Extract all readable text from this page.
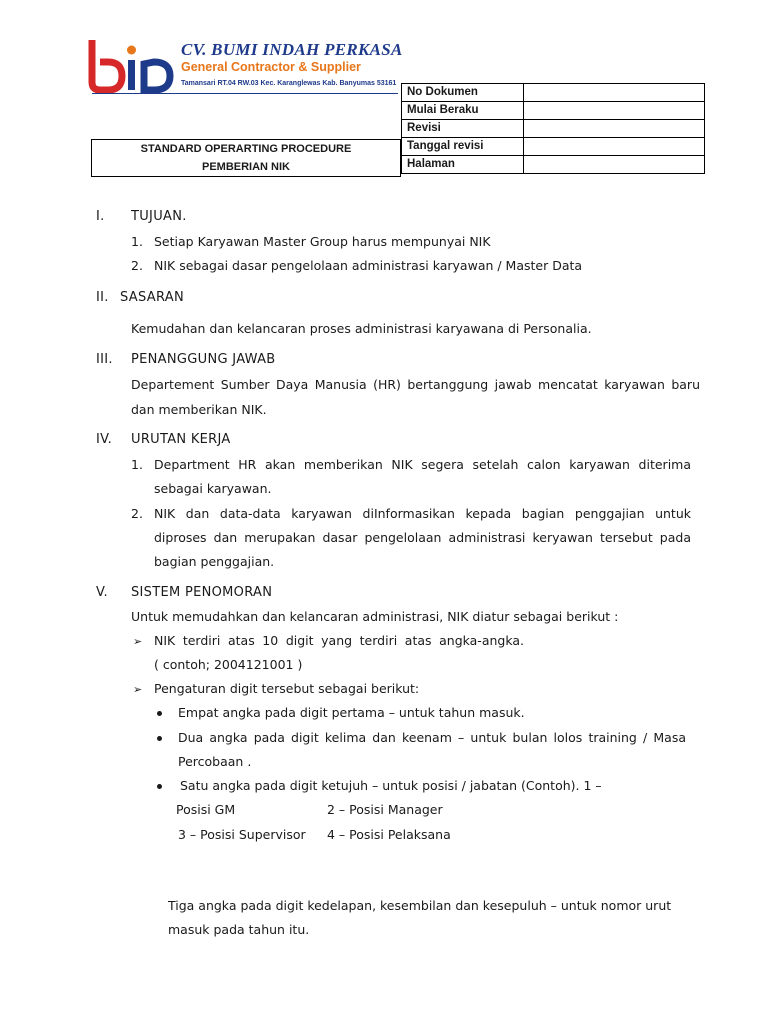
CV. BUMI INDAH PERKASA
General Contractor & Supplier
Tamansari RT.04 RW.03 Kec. Karanglewas Kab. Banyumas 53161
No Dokumen	
Mulai Beraku	
Revisi	
Tanggal revisi	
Halaman	
STANDARD OPERARTING PROCEDURE
PEMBERIAN NIK
I. TUJUAN.
1. Setiap Karyawan Master Group harus mempunyai NIK
2. NIK sebagai dasar pengelolaan administrasi karyawan / Master Data
II. SASARAN
Kemudahan dan kelancaran proses administrasi karyawana di Personalia.
III. PENANGGUNG JAWAB
Departement Sumber Daya Manusia (HR) bertanggung jawab mencatat karyawan baru
dan memberikan NIK.
IV. URUTAN KERJA
1. Department HR akan memberikan NIK segera setelah calon karyawan diterima
sebagai karyawan.
2. NIK dan data-data karyawan diInformasikan kepada bagian penggajian untuk
diproses dan merupakan dasar pengelolaan administrasi keryawan tersebut pada
bagian penggajian.
V. SISTEM PENOMORAN
Untuk memudahkan dan kelancaran administrasi, NIK diatur sebagai berikut :
➢ NIK terdiri atas 10 digit yang terdiri atas angka-angka.
( contoh; 2004121001 )
➢ Pengaturan digit tersebut sebagai berikut:
Empat angka pada digit pertama – untuk tahun masuk.
Dua angka pada digit kelima dan keenam – untuk bulan lolos training / Masa
Percobaan .
Satu angka pada digit ketujuh – untuk posisi / jabatan (Contoh). 1 –
Posisi GM	2 – Posisi Manager
3 – Posisi Supervisor 4 – Posisi Pelaksana
Tiga angka pada digit kedelapan, kesembilan dan kesepuluh – untuk nomor urut
masuk pada tahun itu.
